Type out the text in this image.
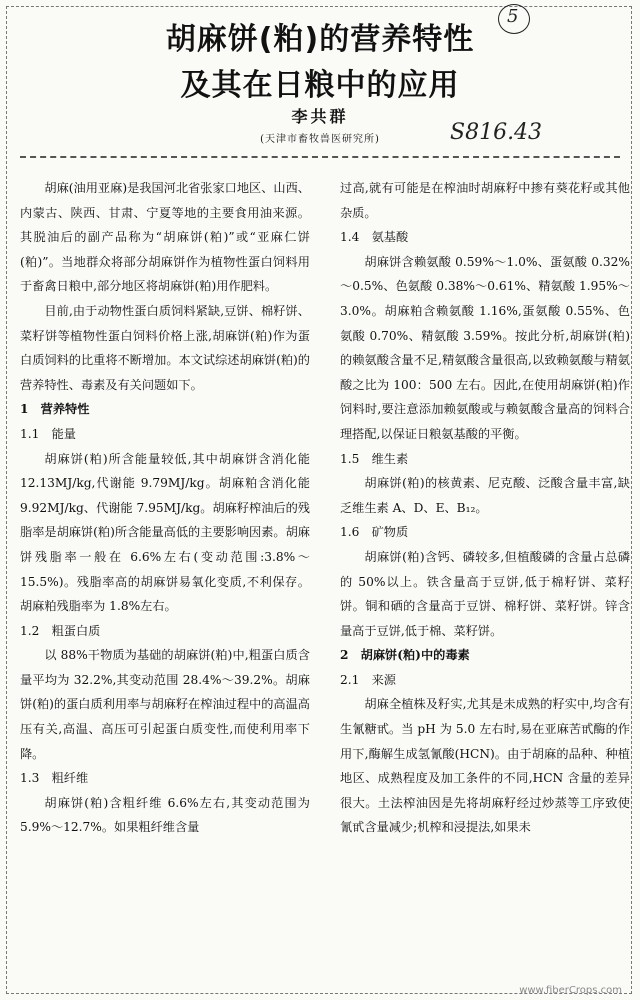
5
胡麻饼(粕)的营养特性
及其在日粮中的应用
李共群
(天津市畜牧兽医研究所)	S816.43

胡麻(油用亚麻)是我国河北省张家口地区、山西、内蒙古、陕西、甘肃、宁夏等地的主要食用油来源。其脱油后的副产品称为“胡麻饼(粕)”或“亚麻仁饼(粕)”。当地群众将部分胡麻饼作为植物性蛋白饲料用于畜禽日粮中,部分地区将胡麻饼(粕)用作肥料。

目前,由于动物性蛋白质饲料紧缺,豆饼、棉籽饼、菜籽饼等植物性蛋白饲料价格上涨,胡麻饼(粕)作为蛋白质饲料的比重将不断增加。本文试综述胡麻饼(粕)的营养特性、毒素及有关问题如下。

1　营养特性
1.1　能量

胡麻饼(粕)所含能量较低,其中胡麻饼含消化能 12.13MJ/kg,代谢能 9.79MJ/kg。胡麻粕含消化能 9.92MJ/kg、代谢能 7.95MJ/kg。胡麻籽榨油后的残脂率是胡麻饼(粕)所含能量高低的主要影响因素。胡麻饼残脂率一般在 6.6%左右(变动范围:3.8%～15.5%)。残脂率高的胡麻饼易氧化变质,不利保存。胡麻粕残脂率为 1.8%左右。

1.2　粗蛋白质

以 88%干物质为基础的胡麻饼(粕)中,粗蛋白质含量平均为 32.2%,其变动范围 28.4%～39.2%。胡麻饼(粕)的蛋白质利用率与胡麻籽在榨油过程中的高温高压有关,高温、高压可引起蛋白质变性,而使利用率下降。

1.3　粗纤维

胡麻饼(粕)含粗纤维 6.6%左右,其变动范围为 5.9%～12.7%。如果粗纤维含量

过高,就有可能是在榨油时胡麻籽中掺有葵花籽或其他杂质。

1.4　氨基酸

胡麻饼含赖氨酸 0.59%～1.0%、蛋氨酸 0.32%～0.5%、色氨酸 0.38%～0.61%、精氨酸 1.95%～3.0%。胡麻粕含赖氨酸 1.16%,蛋氨酸 0.55%、色氨酸 0.70%、精氨酸 3.59%。按此分析,胡麻饼(粕)的赖氨酸含量不足,精氨酸含量很高,以致赖氨酸与精氨酸之比为 100：500 左右。因此,在使用胡麻饼(粕)作饲料时,要注意添加赖氨酸或与赖氨酸含量高的饲料合理搭配,以保证日粮氨基酸的平衡。

1.5　维生素

胡麻饼(粕)的核黄素、尼克酸、泛酸含量丰富,缺乏维生素 A、D、E、B₁₂。

1.6　矿物质

胡麻饼(粕)含钙、磷较多,但植酸磷的含量占总磷的 50%以上。铁含量高于豆饼,低于棉籽饼、菜籽饼。铜和硒的含量高于豆饼、棉籽饼、菜籽饼。锌含量高于豆饼,低于棉、菜籽饼。

2　胡麻饼(粕)中的毒素
2.1　来源

胡麻全植株及籽实,尤其是未成熟的籽实中,均含有生氰糖甙。当 pH 为 5.0 左右时,易在亚麻苦甙酶的作用下,酶解生成氢氰酸(HCN)。由于胡麻的品种、种植地区、成熟程度及加工条件的不同,HCN 含量的差异很大。土法榨油因是先将胡麻籽经过炒蒸等工序致使氰甙含量减少;机榨和浸提法,如果未

www.fiberCrops.com
